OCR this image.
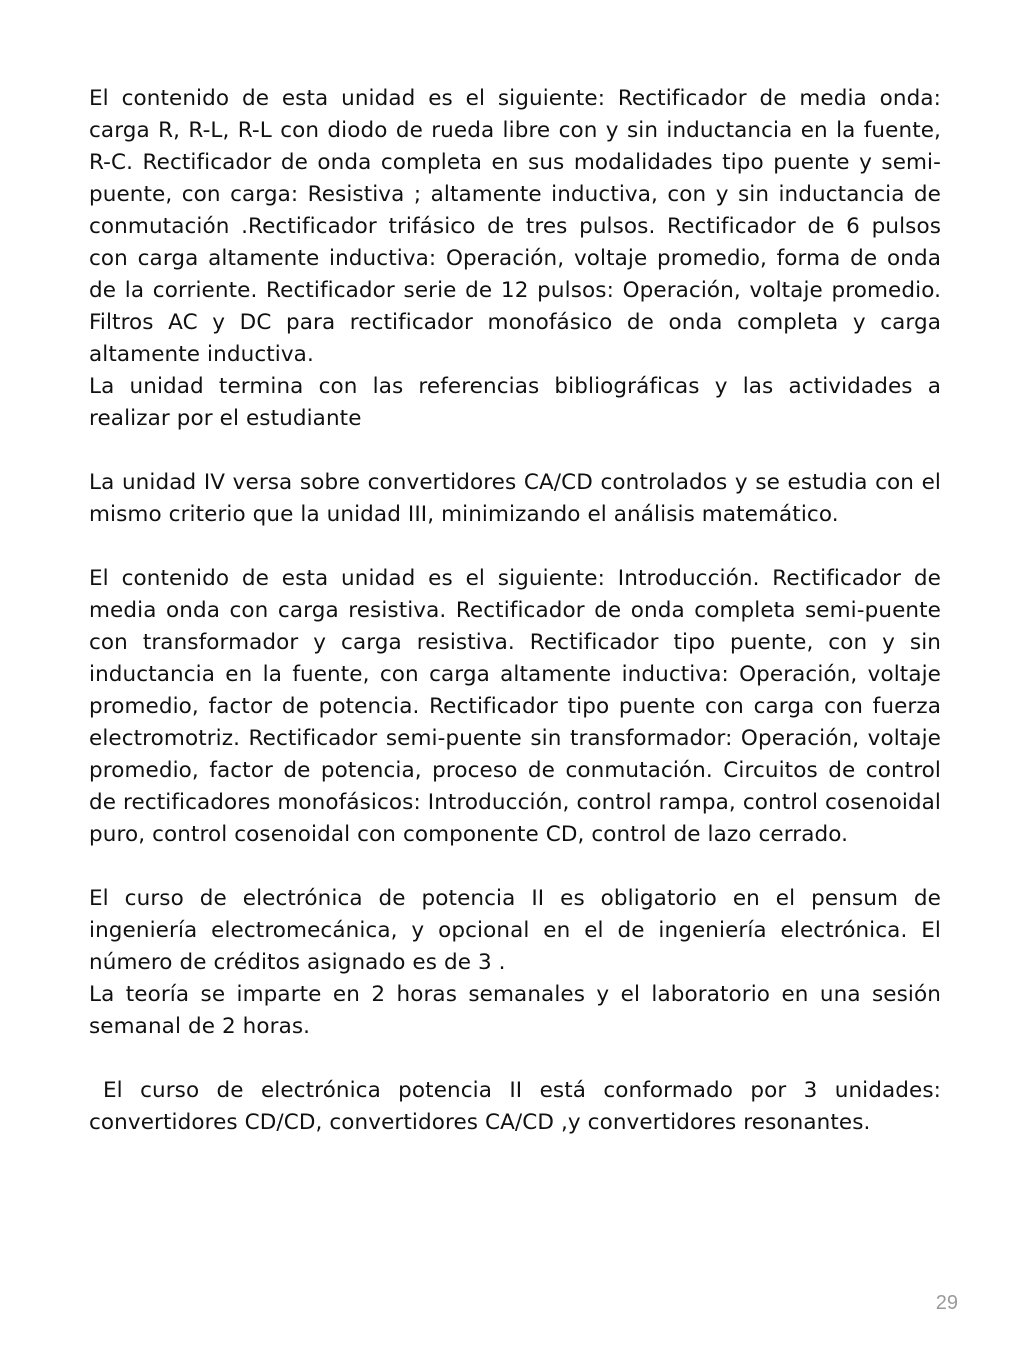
El contenido de esta unidad es el siguiente: Rectificador de media onda: carga R, R-L, R-L con diodo de rueda libre con y sin inductancia en la fuente, R-C. Rectificador de onda completa en sus modalidades tipo puente y semi-puente, con carga: Resistiva ; altamente inductiva, con y sin inductancia de conmutación .Rectificador trifásico de tres pulsos. Rectificador de 6 pulsos con carga altamente inductiva: Operación, voltaje promedio, forma de onda de la corriente. Rectificador serie de 12 pulsos: Operación, voltaje promedio. Filtros AC y DC para rectificador monofásico de onda completa y carga altamente inductiva.

La unidad termina con las referencias bibliográficas y las actividades a realizar por el estudiante

La unidad IV versa sobre convertidores CA/CD controlados y se estudia con el mismo criterio que la unidad III, minimizando el análisis matemático.

El contenido de esta unidad es el siguiente: Introducción. Rectificador de media onda con carga resistiva. Rectificador de onda completa semi-puente con transformador y carga resistiva. Rectificador tipo puente, con y sin inductancia en la fuente, con carga altamente inductiva: Operación, voltaje promedio, factor de potencia. Rectificador tipo puente con carga con fuerza electromotriz. Rectificador semi-puente sin transformador: Operación, voltaje promedio, factor de potencia, proceso de conmutación. Circuitos de control de rectificadores monofásicos: Introducción, control rampa, control cosenoidal puro, control cosenoidal con componente CD, control de lazo cerrado.

El curso de electrónica de potencia II es obligatorio en el pensum de ingeniería electromecánica, y opcional en el de ingeniería electrónica. El número de créditos asignado es de 3 .

La teoría se imparte en 2 horas semanales y el laboratorio en una sesión semanal de 2 horas.

El curso de electrónica potencia II está conformado por 3 unidades: convertidores CD/CD, convertidores CA/CD ,y convertidores resonantes.

29
